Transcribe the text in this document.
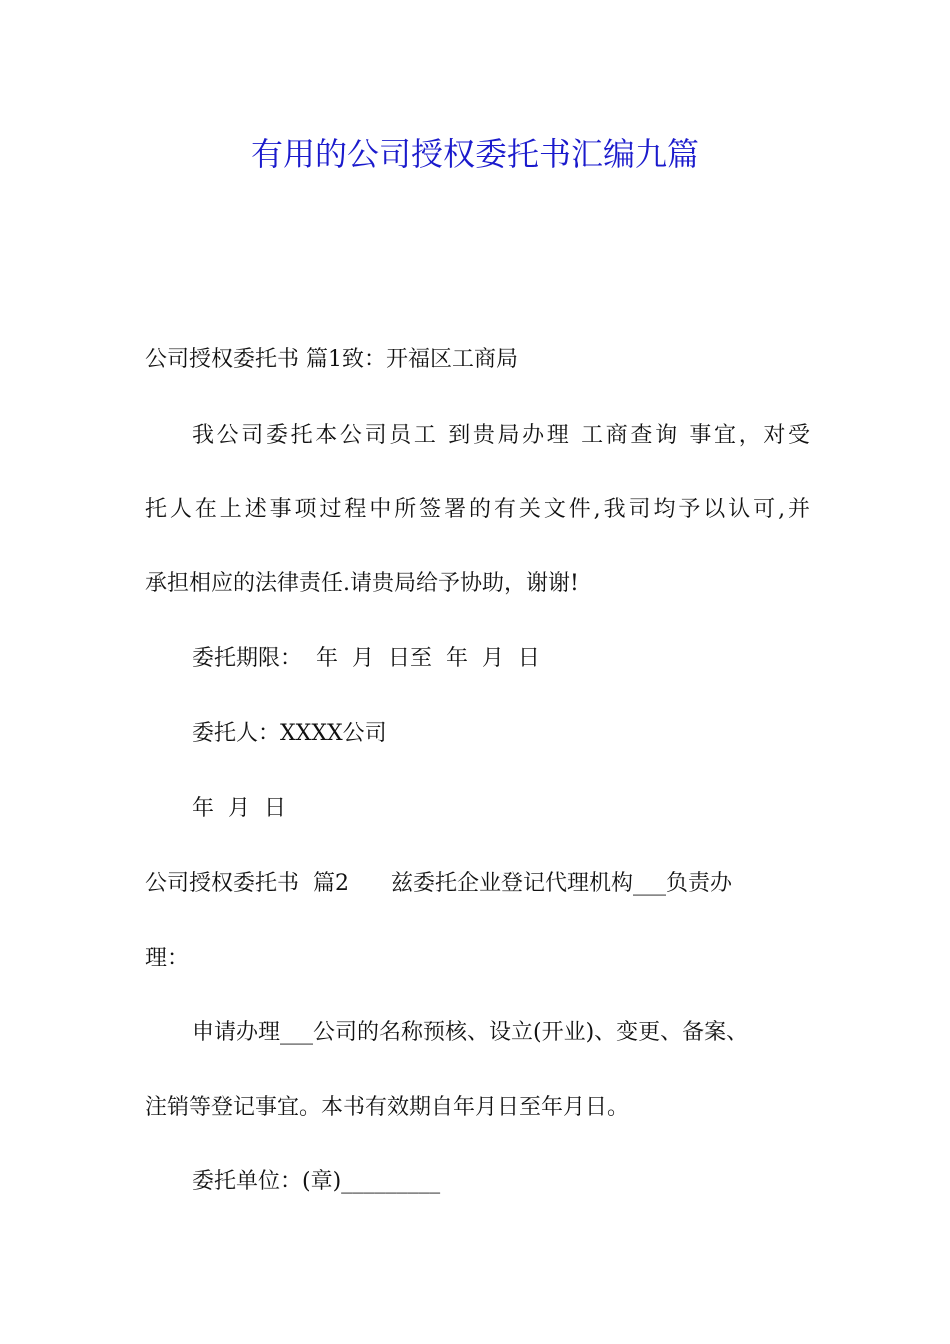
有用的公司授权委托书汇编九篇

公司授权委托书 篇1致：开福区工商局

我公司委托本公司员工 到贵局办理 工商查询 事宜，对受

托人在上述事项过程中所签署的有关文件,我司均予以认可,并

承担相应的法律责任.请贵局给予协助，谢谢!

委托期限：  年  月  日至  年  月  日

委托人：XXXX公司

年  月  日

公司授权委托书  篇2      兹委托企业登记代理机构___负责办

理：

申请办理___公司的名称预核、设立(开业)、变更、备案、

注销等登记事宜。本书有效期自年月日至年月日。

委托单位：(章)_________
